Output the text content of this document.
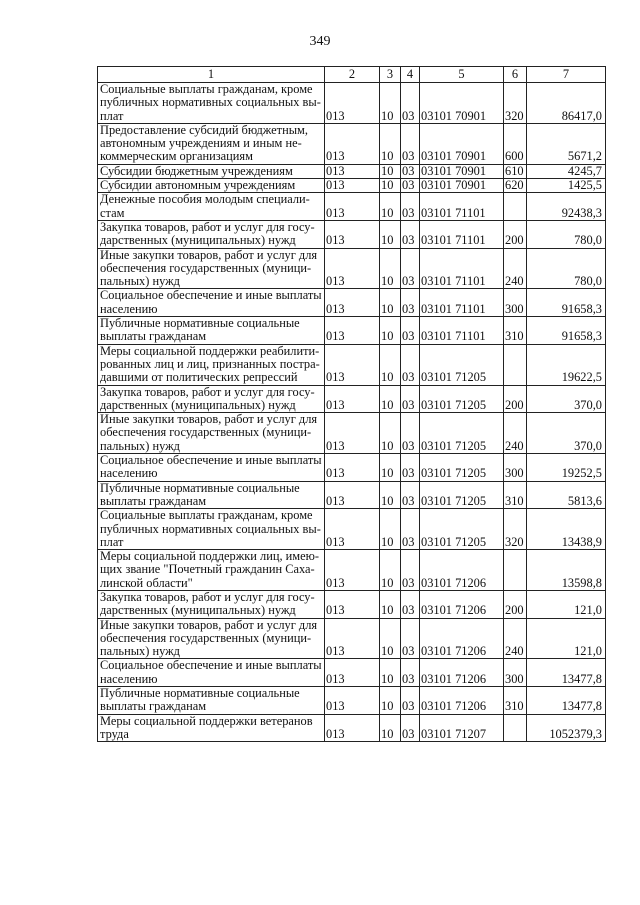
349
1	2	3	4	5	6	7
Социальные выплаты гражданам, кроме публичных нормативных социальных вы- плат	013	10	03	03101 70901	320	86417,0
Предоставление субсидий бюджетным, автономным учреждениям и иным не- коммерческим организациям	013	10	03	03101 70901	600	5671,2
Субсидии бюджетным учреждениям	013	10	03	03101 70901	610	4245,7
Субсидии автономным учреждениям	013	10	03	03101 70901	620	1425,5
Денежные пособия молодым специали- стам	013	10	03	03101 71101		92438,3
Закупка товаров, работ и услуг для госу- дарственных (муниципальных) нужд	013	10	03	03101 71101	200	780,0
Иные закупки товаров, работ и услуг для обеспечения государственных (муници- пальных) нужд	013	10	03	03101 71101	240	780,0
Социальное обеспечение и иные выплаты населению	013	10	03	03101 71101	300	91658,3
Публичные нормативные социальные выплаты гражданам	013	10	03	03101 71101	310	91658,3
Меры социальной поддержки реабилити- рованных лиц и лиц, признанных постра- давшими от политических репрессий	013	10	03	03101 71205		19622,5
Закупка товаров, работ и услуг для госу- дарственных (муниципальных) нужд	013	10	03	03101 71205	200	370,0
Иные закупки товаров, работ и услуг для обеспечения государственных (муници- пальных) нужд	013	10	03	03101 71205	240	370,0
Социальное обеспечение и иные выплаты населению	013	10	03	03101 71205	300	19252,5
Публичные нормативные социальные выплаты гражданам	013	10	03	03101 71205	310	5813,6
Социальные выплаты гражданам, кроме публичных нормативных социальных вы- плат	013	10	03	03101 71205	320	13438,9
Меры социальной поддержки лиц, имею- щих звание "Почетный гражданин Саха- линской области"	013	10	03	03101 71206		13598,8
Закупка товаров, работ и услуг для госу- дарственных (муниципальных) нужд	013	10	03	03101 71206	200	121,0
Иные закупки товаров, работ и услуг для обеспечения государственных (муници- пальных) нужд	013	10	03	03101 71206	240	121,0
Социальное обеспечение и иные выплаты населению	013	10	03	03101 71206	300	13477,8
Публичные нормативные социальные выплаты гражданам	013	10	03	03101 71206	310	13477,8
Меры социальной поддержки ветеранов труда	013	10	03	03101 71207		1052379,3
